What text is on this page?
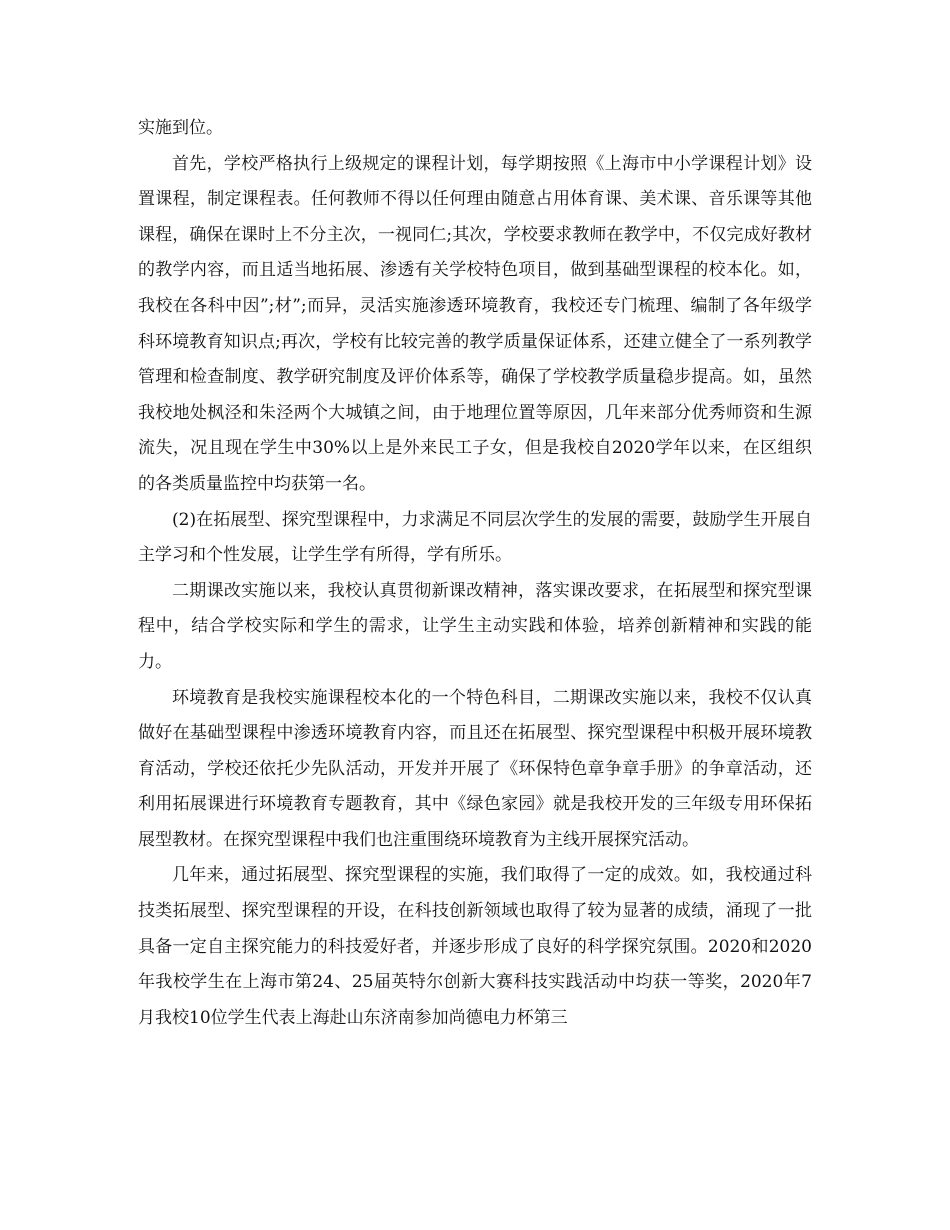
实施到位。

首先，学校严格执行上级规定的课程计划，每学期按照《上海市中小学课程计划》设置课程，制定课程表。任何教师不得以任何理由随意占用体育课、美术课、音乐课等其他课程，确保在课时上不分主次，一视同仁;其次，学校要求教师在教学中，不仅完成好教材的教学内容，而且适当地拓展、渗透有关学校特色项目，做到基础型课程的校本化。如，我校在各科中因”;材”;而异，灵活实施渗透环境教育，我校还专门梳理、编制了各年级学科环境教育知识点;再次，学校有比较完善的教学质量保证体系，还建立健全了一系列教学管理和检查制度、教学研究制度及评价体系等，确保了学校教学质量稳步提高。如，虽然我校地处枫泾和朱泾两个大城镇之间，由于地理位置等原因，几年来部分优秀师资和生源流失，况且现在学生中30%以上是外来民工子女，但是我校自2020学年以来，在区组织的各类质量监控中均获第一名。

(2)在拓展型、探究型课程中，力求满足不同层次学生的发展的需要，鼓励学生开展自主学习和个性发展，让学生学有所得，学有所乐。

二期课改实施以来，我校认真贯彻新课改精神，落实课改要求，在拓展型和探究型课程中，结合学校实际和学生的需求，让学生主动实践和体验，培养创新精神和实践的能力。

环境教育是我校实施课程校本化的一个特色科目，二期课改实施以来，我校不仅认真做好在基础型课程中渗透环境教育内容，而且还在拓展型、探究型课程中积极开展环境教育活动，学校还依托少先队活动，开发并开展了《环保特色章争章手册》的争章活动，还利用拓展课进行环境教育专题教育，其中《绿色家园》就是我校开发的三年级专用环保拓展型教材。在探究型课程中我们也注重围绕环境教育为主线开展探究活动。

几年来，通过拓展型、探究型课程的实施，我们取得了一定的成效。如，我校通过科技类拓展型、探究型课程的开设，在科技创新领域也取得了较为显著的成绩，涌现了一批具备一定自主探究能力的科技爱好者，并逐步形成了良好的科学探究氛围。2020和2020年我校学生在上海市第24、25届英特尔创新大赛科技实践活动中均获一等奖，2020年7月我校10位学生代表上海赴山东济南参加尚德电力杯第三
